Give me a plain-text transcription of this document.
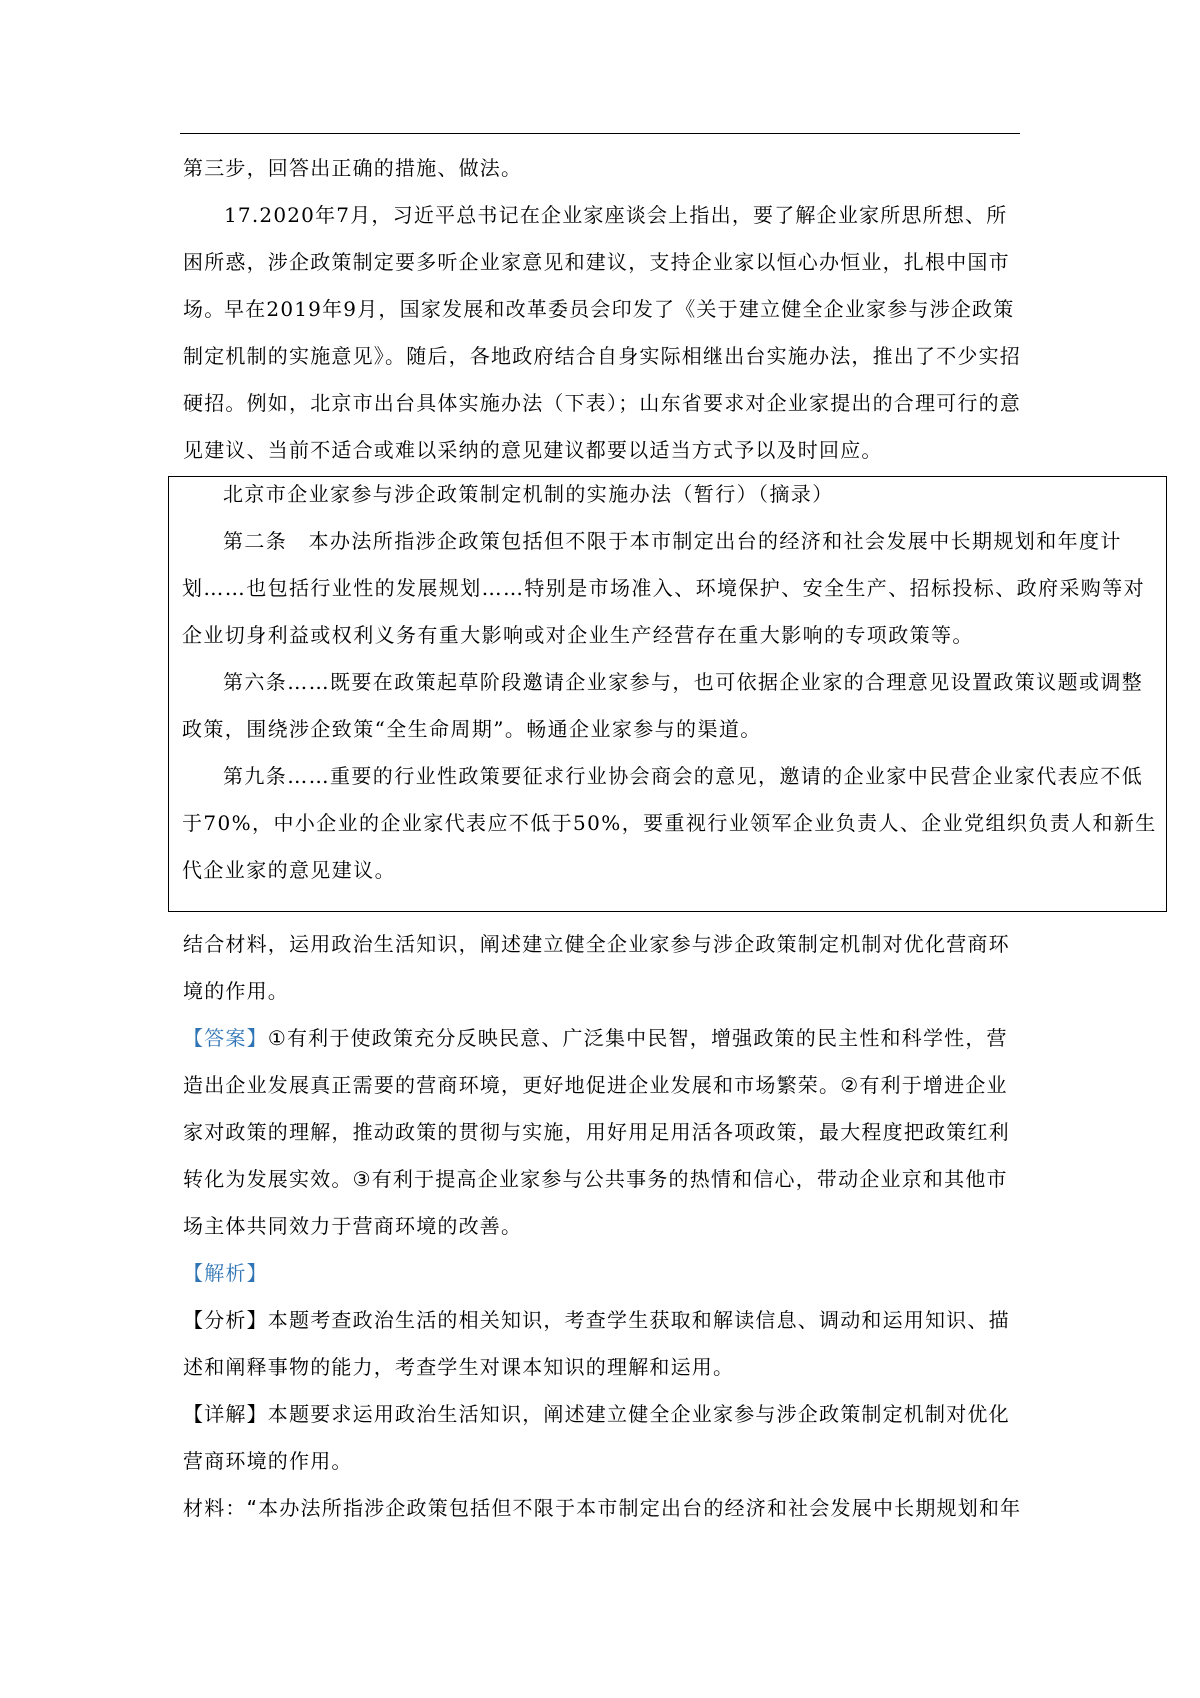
第三步，回答出正确的措施、做法。

17.2020年7月，习近平总书记在企业家座谈会上指出，要了解企业家所思所想、所困所惑，涉企政策制定要多听企业家意见和建议，支持企业家以恒心办恒业，扎根中国市场。

早在2019年9月，国家发展和改革委员会印发了《关于建立健全企业家参与涉企政策制定机制的实施意见》。随后，各地政府结合自身实际相继出台实施办法，推出了不少实招硬招。例如，北京市出台具体实施办法（下表）；山东省要求对企业家提出的合理可行的意见建议、当前不适合或难以采纳的意见建议都要以适当方式予以及时回应。

北京市企业家参与涉企政策制定机制的实施办法（暂行）（摘录）

第二条　本办法所指涉企政策包括但不限于本市制定出台的经济和社会发展中长期规划和年度计划……也包括行业性的发展规划……特别是市场准入、环境保护、安全生产、招标投标、政府采购等对企业切身利益或权利义务有重大影响或对企业生产经营存在重大影响的专项政策等。

第六条……既要在政策起草阶段邀请企业家参与，也可依据企业家的合理意见设置政策议题或调整政策，围绕涉企致策“全生命周期”。畅通企业家参与的渠道。

第九条……重要的行业性政策要征求行业协会商会的意见，邀请的企业家中民营企业家代表应不低于70%，中小企业的企业家代表应不低于50%，要重视行业领军企业负责人、企业党组织负责人和新生代企业家的意见建议。

结合材料，运用政治生活知识，阐述建立健全企业家参与涉企政策制定机制对优化营商环境的作用。

【答案】①有利于使政策充分反映民意、广泛集中民智，增强政策的民主性和科学性，营造出企业发展真正需要的营商环境，更好地促进企业发展和市场繁荣。②有利于增进企业家对政策的理解，推动政策的贯彻与实施，用好用足用活各项政策，最大程度把政策红利转化为发展实效。③有利于提高企业家参与公共事务的热情和信心，带动企业京和其他市场主体共同效力于营商环境的改善。

【解析】

【分析】本题考查政治生活的相关知识，考查学生获取和解读信息、调动和运用知识、描述和阐释事物的能力，考查学生对课本知识的理解和运用。

【详解】本题要求运用政治生活知识，阐述建立健全企业家参与涉企政策制定机制对优化营商环境的作用。

材料：“本办法所指涉企政策包括但不限于本市制定出台的经济和社会发展中长期规划和年
